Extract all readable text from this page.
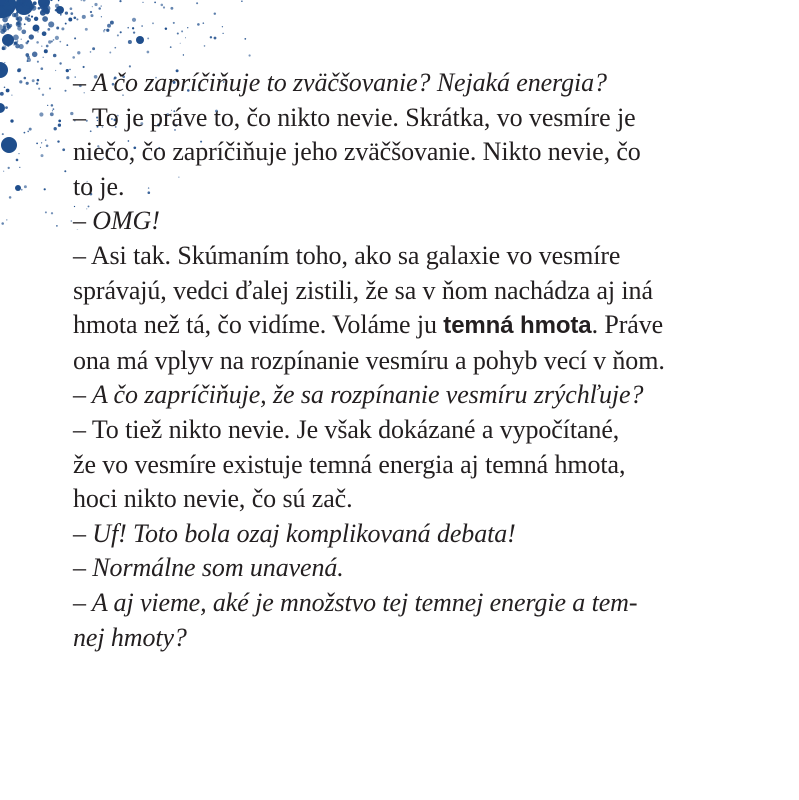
– A čo zapríčiňuje to zväčšovanie? Nejaká energia?
– To je práve to, čo nikto nevie. Skrátka, vo vesmíre je
niečo, čo zapríčiňuje jeho zväčšovanie. Nikto nevie, čo
to je.
– OMG!
– Asi tak. Skúmaním toho, ako sa galaxie vo vesmíre
správajú, vedci ďalej zistili, že sa v ňom nachádza aj iná
hmota než tá, čo vidíme. Voláme ju temná hmota. Práve
ona má vplyv na rozpínanie vesmíru a pohyb vecí v ňom.
– A čo zapríčiňuje, že sa rozpínanie vesmíru zrýchľuje?
– To tiež nikto nevie. Je však dokázané a vypočítané,
že vo vesmíre existuje temná energia aj temná hmota,
hoci nikto nevie, čo sú zač.
– Uf! Toto bola ozaj komplikovaná debata!
– Normálne som unavená.
– A aj vieme, aké je množstvo tej temnej energie a tem-
nej hmoty?
